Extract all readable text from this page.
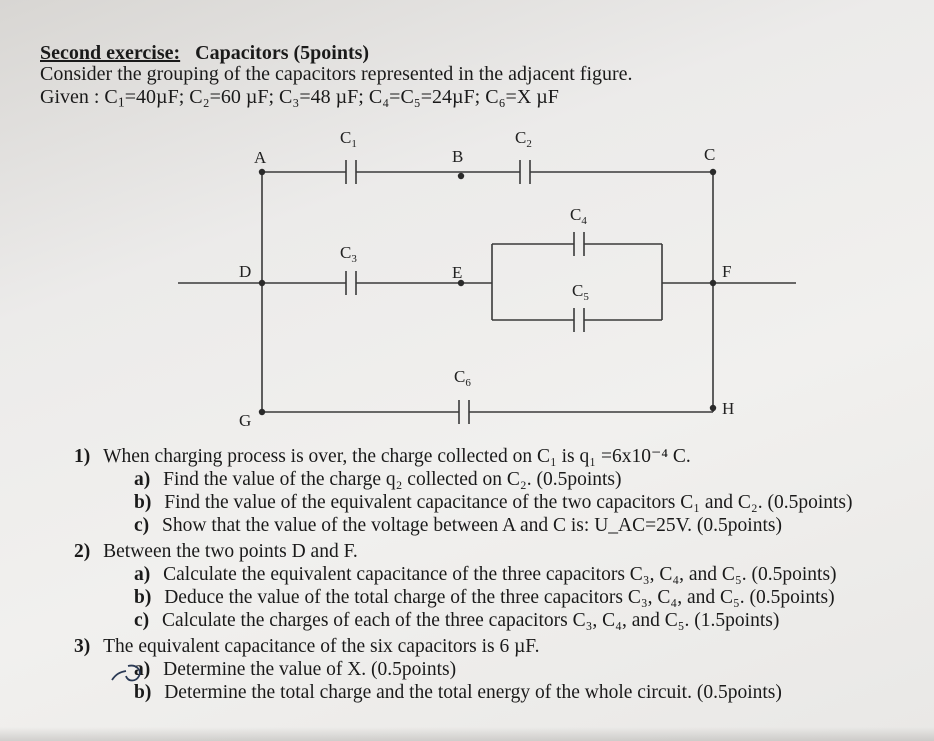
Second exercise: Capacitors (5points)
Consider the grouping of the capacitors represented in the adjacent figure.
Given : $C_1=40\mu F$; C₂=60 µF; C₃=48 µF; C₄=C₅=24µF; C₆=X µF
A	B	C
D	E	F
G
H
$C_1$	$C_2$
$C_3$
$C_4$
$C_5$
$C_6$
1) When charging process is over, the charge collected on C₁ is q₁ =6x10⁻⁴ C.
a) Find the value of the charge q₂ collected on C₂. (0.5points)
b) Find the value of the equivalent capacitance of the two capacitors C₁ and C₂. (0.5points)
c) Show that the value of the voltage between A and C is: U_AC=25V. (0.5points)
2) Between the two points D and F.
a) Calculate the equivalent capacitance of the three capacitors C₃, C₄, and C₅. (0.5points)
b) Deduce the value of the total charge of the three capacitors C₃, C₄, and C₅. (0.5points)
c) Calculate the charges of each of the three capacitors C₃, C₄, and C₅. (1.5points)
3) The equivalent capacitance of the six capacitors is 6 µF.
a) Determine the value of X. (0.5points)
b) Determine the total charge and the total energy of the whole circuit. (0.5points)
